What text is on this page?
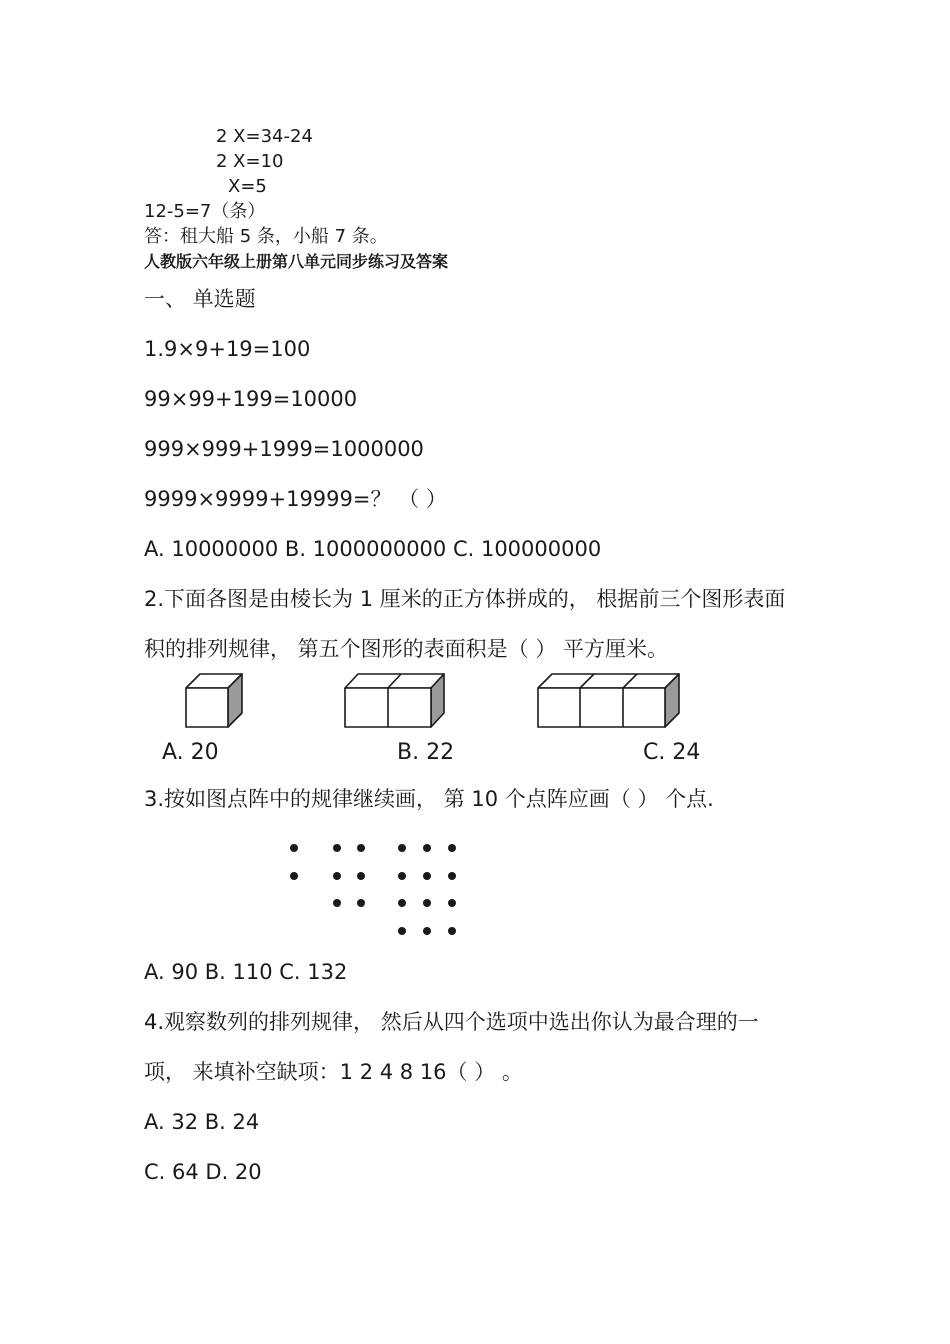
2 X=34-24
2 X=10
X=5
12-5=7（条）
答：租大船 5 条，小船 7 条。
人教版六年级上册第八单元同步练习及答案
一、 单选题
1.9×9+19=100
99×99+199=10000
999×999+1999=1000000
9999×9999+19999=？ （ ）
A. 10000000 B. 1000000000 C. 100000000
2.下面各图是由棱长为 1 厘米的正方体拼成的， 根据前三个图形表面
积的排列规律， 第五个图形的表面积是（ ） 平方厘米。
A. 20	B. 22	C. 24
3.按如图点阵中的规律继续画， 第 10 个点阵应画（ ） 个点.
A. 90 B. 110 C. 132
4.观察数列的排列规律， 然后从四个选项中选出你认为最合理的一
项， 来填补空缺项：1 2 4 8 16（ ） 。
A. 32 B. 24
C. 64 D. 20
